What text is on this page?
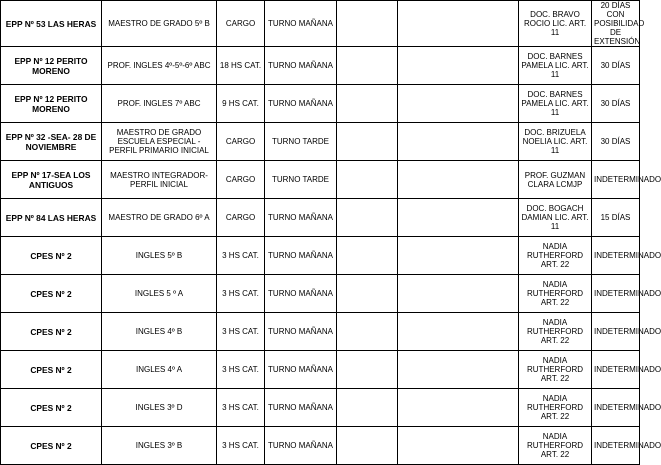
EPP Nº 53 LAS HERAS	MAESTRO DE GRADO 5º B	CARGO	TURNO MAÑANA			DOC. BRAVO ROCIO LIC. ART. 11	20 DÍAS CON POSIBILIDAD DE EXTENSIÓN
EPP Nº 12 PERITO MORENO	PROF. INGLES 4º-5º-6º ABC	18 HS CAT.	TURNO MAÑANA			DOC. BARNES PAMELA LIC. ART. 11	30 DÍAS
EPP Nº 12 PERITO MORENO	PROF. INGLES 7º ABC	9 HS CAT.	TURNO MAÑANA			DOC. BARNES PAMELA LIC. ART. 11	30 DÍAS
EPP Nº 32 -SEA- 28 DE NOVIEMBRE	MAESTRO DE GRADO ESCUELA ESPECIAL -PERFIL PRIMARIO INICIAL	CARGO	TURNO TARDE			DOC. BRIZUELA NOELIA LIC. ART. 11	30 DÍAS
EPP Nº 17-SEA LOS ANTIGUOS	MAESTRO INTEGRADOR- PERFIL INICIAL	CARGO	TURNO TARDE			PROF. GUZMAN CLARA LCMJP	INDETERMINADO
EPP Nº 84 LAS HERAS	MAESTRO DE GRADO 6º A	CARGO	TURNO MAÑANA			DOC. BOGACH DAMIAN LIC. ART. 11	15 DÍAS
CPES Nº 2	INGLES 5º B	3 HS CAT.	TURNO MAÑANA			NADIA RUTHERFORD ART. 22	INDETERMINADO
CPES Nº 2	INGLES 5 º A	3 HS CAT.	TURNO MAÑANA			NADIA RUTHERFORD ART. 22	INDETERMINADO
CPES Nº 2	INGLES 4º B	3 HS CAT.	TURNO MAÑANA			NADIA RUTHERFORD ART. 22	INDETERMINADO
CPES Nº 2	INGLES 4º A	3 HS CAT.	TURNO MAÑANA			NADIA RUTHERFORD ART. 22	INDETERMINADO
CPES Nº 2	INGLES 3º D	3 HS CAT.	TURNO MAÑANA			NADIA RUTHERFORD ART. 22	INDETERMINADO
CPES Nº 2	INGLES 3º B	3 HS CAT.	TURNO MAÑANA			NADIA RUTHERFORD ART. 22	INDETERMINADO
